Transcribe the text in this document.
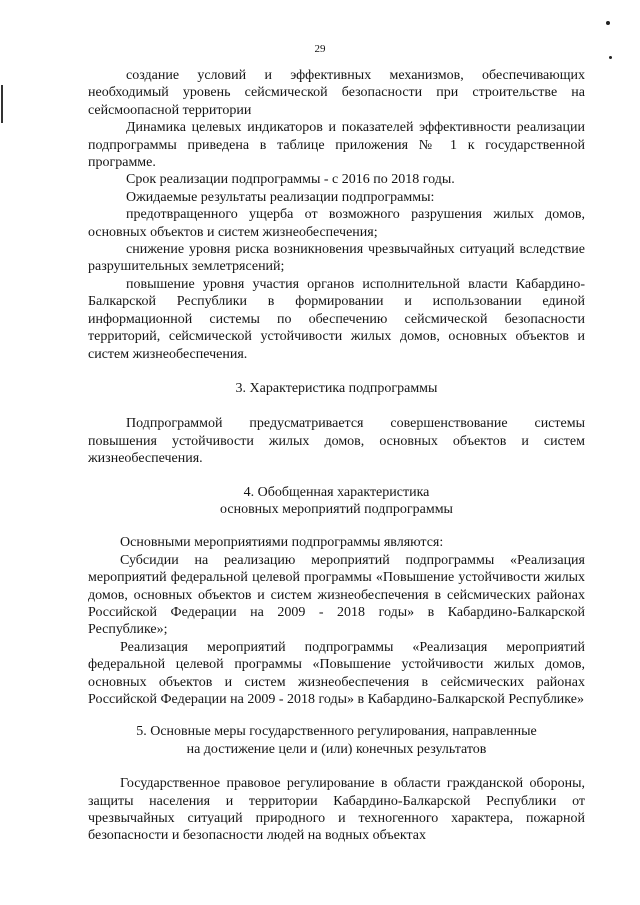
29

создание условий и эффективных механизмов, обеспечивающих необходимый уровень сейсмической безопасности при строительстве на сейсмоопасной территории

Динамика целевых индикаторов и показателей эффективности реализации подпрограммы приведена в таблице приложения № 1 к государственной программе.

Срок реализации подпрограммы - с 2016 по 2018 годы.

Ожидаемые результаты реализации подпрограммы:

предотвращенного ущерба от возможного разрушения жилых домов, основных объектов и систем жизнеобеспечения;

снижение уровня риска возникновения чрезвычайных ситуаций вследствие разрушительных землетрясений;

повышение уровня участия органов исполнительной власти Кабардино-Балкарской Республики в формировании и использовании единой информационной системы по обеспечению сейсмической безопасности территорий, сейсмической устойчивости жилых домов, основных объектов и систем жизнеобеспечения.

3. Характеристика подпрограммы

Подпрограммой предусматривается совершенствование системы повышения устойчивости жилых домов, основных объектов и систем жизнеобеспечения.

4. Обобщенная характеристика

основных мероприятий подпрограммы

Основными мероприятиями подпрограммы являются:

Субсидии на реализацию мероприятий подпрограммы «Реализация мероприятий федеральной целевой программы «Повышение устойчивости жилых домов, основных объектов и систем жизнеобеспечения в сейсмических районах Российской Федерации на 2009 - 2018 годы» в Кабардино-Балкарской Республике»;

Реализация мероприятий подпрограммы «Реализация мероприятий федеральной целевой программы «Повышение устойчивости жилых домов, основных объектов и систем жизнеобеспечения в сейсмических районах Российской Федерации на 2009 - 2018 годы» в Кабардино-Балкарской Республике»

5. Основные меры государственного регулирования, направленные

на достижение цели и (или) конечных результатов

Государственное правовое регулирование в области гражданской обороны, защиты населения и территории Кабардино-Балкарской Республики от чрезвычайных ситуаций природного и техногенного характера, пожарной безопасности и безопасности людей на водных объектах
